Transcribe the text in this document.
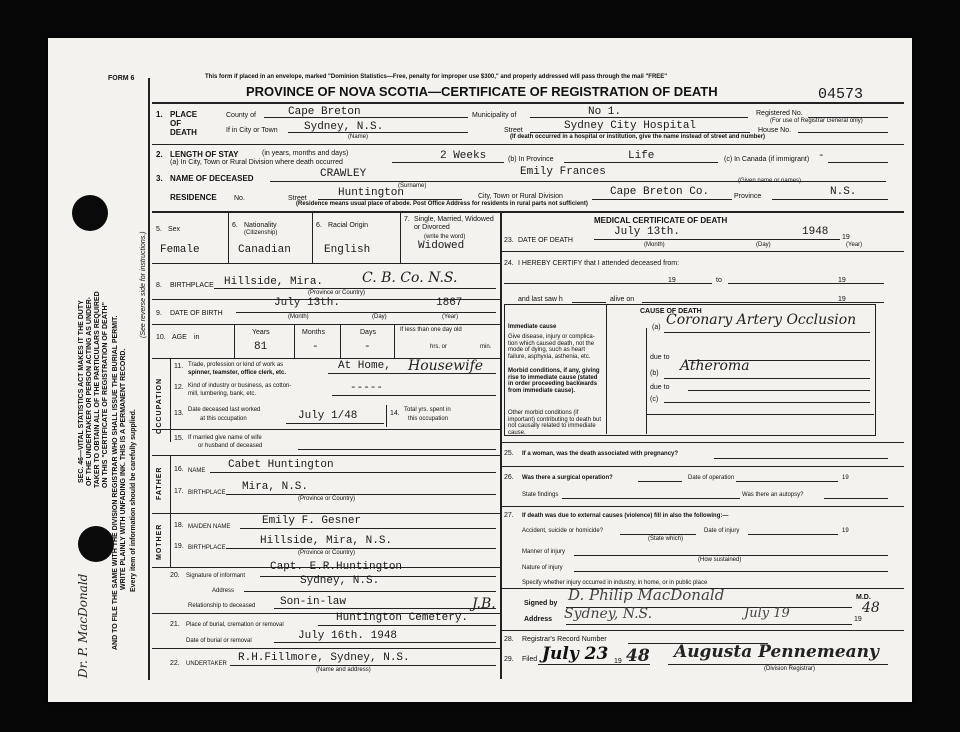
SEC. 46—VITAL STATISTICS ACT MAKES IT THE DUTY OF THE UNDERTAKER OR PERSON ACTING AS UNDER- TAKER TO OBTAIN ALL OF THE PARTICULARS REQUIRED ON THIS "CERTIFICATE OF REGISTRATION OF DEATH" AND TO FILE THE SAME WITH THE DIVISION REGISTRAR WHO SHALL ISSUE THE BURIAL PERMIT. WRITE PLAINLY WITH UNFADING INK. THIS IS A PERMANENT RECORD. Every item of information should be carefully supplied.
(See reverse side for instructions.)
Dr. P. MacDonald
FORM 6	This form if placed in an envelope, marked "Dominion Statistics—Free, penalty for improper use $300," and properly addressed will pass through the mail "FREE"
PROVINCE OF NOVA SCOTIA—CERTIFICATE OF REGISTRATION OF DEATH	04573
1. PLACE
OF
DEATH
County of	Cape Breton	Municipality of	No 1.	Registered No.
(For use of Registrar General only)
If in City or Town Sydney, N.S.
(Name)
Street	Sydney City Hospital	House No.
(If death occurred in a hospital or institution, give the name instead of street and number)
2. LENGTH OF STAY	(in years, months and days)
(a) In City, Town or Rural Division where death occurred
2 Weeks	(b) In Province	Life	(c) In Canada (if immigrant) -
3. NAME OF DECEASED	CRAWLEY
(Surname)
Emily Frances
(Given name or names)
RESIDENCE No.	Street	Huntington	City, Town or Rural Division	Cape Breton Co.	Province	N.S.
(Residence means usual place of abode. Post Office Address for residents in rural parts not sufficient)
5. Sex
Female
6. Nationality
(Citizenship)
Canadian
6. Racial Origin
English
7. Single, Married, Widowed or Divorced
(write the word)
Widowed
8. BIRTHPLACE Hillside, Mira.	C. B. Co. N.S.
(Province or Country)
9. DATE OF BIRTH
July 13th.	1867
(Month)	(Day)	(Year)
10. AGE in
Years
81
Months
-
Days
-
If less than one day old
hrs. or	min.
OCCUPATION
11. Trade, profession or kind of work as
spinner, teamster, office clerk, etc.
At Home, Housewife
12. Kind of industry or business, as cotton-
mill, lumbering, bank, etc.	-----
13. Date deceased last worked
at this occupation	July 1/48	14. Total yrs. spent in
this occupation
15. If married give name of wife
or husband of deceased
FATHER 16. NAME Cabet Huntington
17. BIRTHPLACE Mira, N.S.
(Province or Country)
MOTHER 18. MAIDEN NAME	Emily F. Gesner
19. BIRTHPLACE
Hillside, Mira, N.S.
(Province or Country)
20. Signature of informant
Capt. E.R.Huntington
Sydney, N.S.
Address
Relationship to deceased Son-in-law
21. Place of burial, cremation or removal
Huntington Cemetery.
J.B.
Date of burial or removal	July 16th. 1948
22. UNDERTAKER R.H.Fillmore, Sydney, N.S.
(Name and address)
MEDICAL CERTIFICATE OF DEATH
23. DATE OF DEATH
July 13th.	1948 19
(Month)	(Day)	(Year)
24. I HEREBY CERTIFY that I attended deceased from:
19	to	19
and last saw h	alive on	19
CAUSE OF DEATH
Immediate cause
Give disease, injury or complica-tion which caused death, not the mode of dying, such as heart failure, asphyxia, asthenia, etc.
Morbid conditions, if any, giving rise to immediate cause (stated in order proceeding backwards from immediate cause).
Other morbid conditions (if important) contributing to death but not causally related to immediate cause.
(a) Coronary Artery Occlusion
due to
(b) Atheroma
due to
(c)
25. If a woman, was the death associated with pregnancy?
26. Was there a surgical operation?	Date of operation	19
State findings	Was there an autopsy?
27. If death was due to external causes (violence) fill in also the following:—
Accident, suicide or homicide?	Date of injury	19
(State which)
Manner of injury
(How sustained)
Nature of injury
Specify whether injury occurred in industry, in home, or in public place
Signed by D. Philip MacDonald	M.D.
Address Sydney, N.S.	July 19	19
48
28. Registrar's Record Number
29. Filed July 23 19 48 Augusta Pennemeany
(Division Registrar)
